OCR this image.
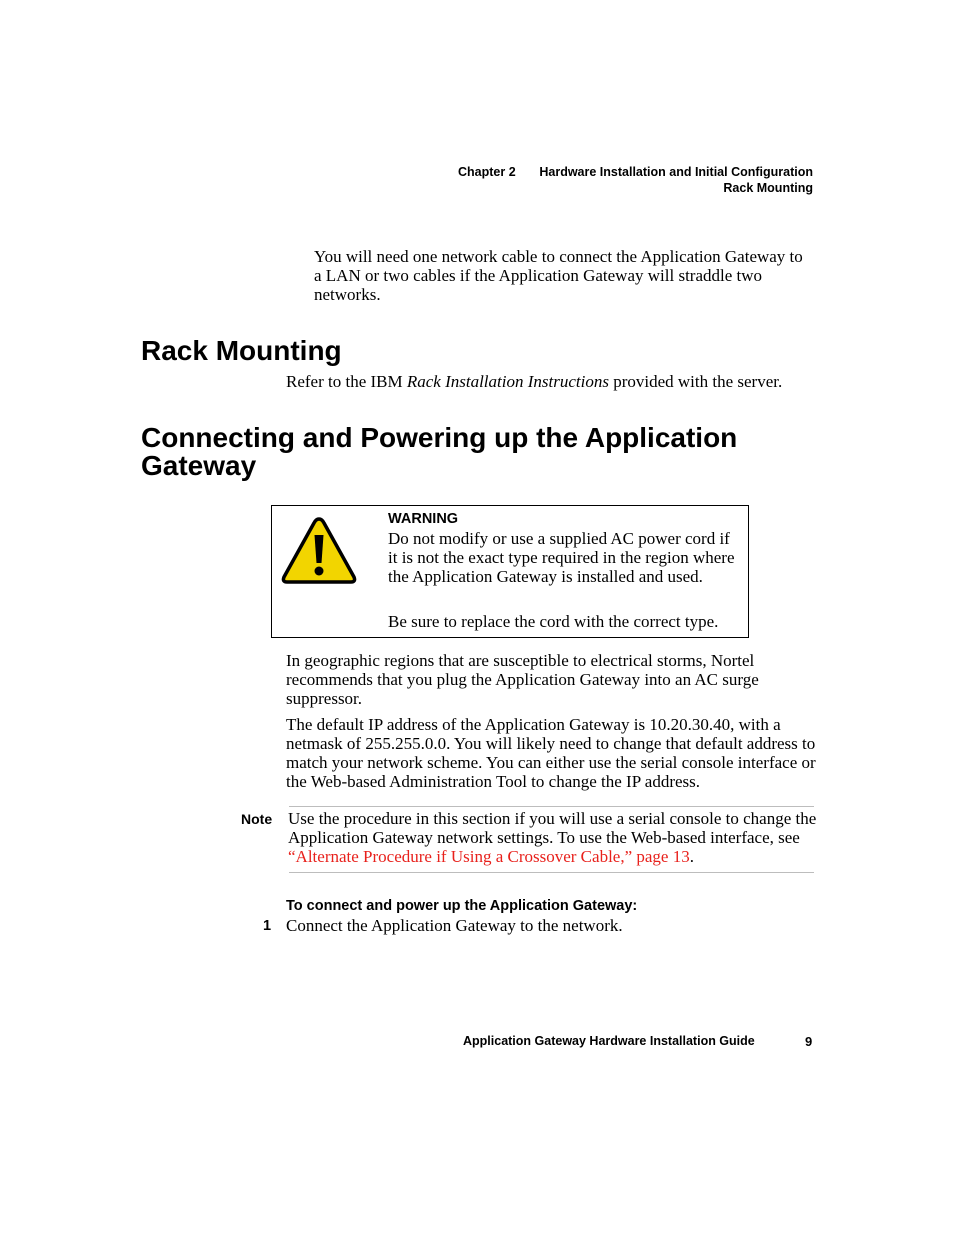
Chapter 2 Hardware Installation and Initial Configuration
Rack Mounting

You will need one network cable to connect the Application Gateway to a LAN or two cables if the Application Gateway will straddle two networks.

Rack Mounting

Refer to the IBM Rack Installation Instructions provided with the server.

Connecting and Powering up the Application Gateway
WARNING

Do not modify or use a supplied AC power cord if it is not the exact type required in the region where the Application Gateway is installed and used.

Be sure to replace the cord with the correct type.

In geographic regions that are susceptible to electrical storms, Nortel recommends that you plug the Application Gateway into an AC surge suppressor.

The default IP address of the Application Gateway is 10.20.30.40, with a netmask of 255.255.0.0. You will likely need to change that default address to match your network scheme. You can either use the serial console interface or the Web-based Administration Tool to change the IP address.

Note Use the procedure in this section if you will use a serial console to change the Application Gateway network settings. To use the Web-based interface, see “Alternate Procedure if Using a Crossover Cable,” page 13.

To connect and power up the Application Gateway:
1 Connect the Application Gateway to the network.

Application Gateway Hardware Installation Guide	9
